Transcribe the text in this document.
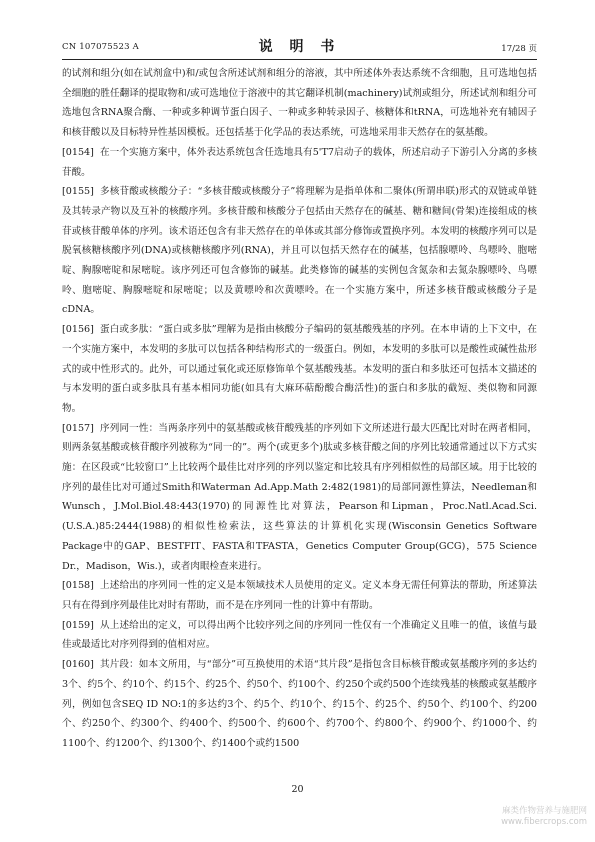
CN 107075523 A	说 明 书	17/28 页

的试剂和组分(如在试剂盒中)和/或包含所述试剂和组分的溶液，其中所述体外表达系统不含细胞，且可选地包括全细胞的胜任翻译的提取物和/或可选地位于溶液中的其它翻译机制(machinery)试剂或组分，所述试剂和组分可选地包含RNA聚合酶、一种或多种调节蛋白因子、一种或多种转录因子、核糖体和tRNA，可选地补充有辅因子和核苷酸以及目标特异性基因模板。还包括基于化学品的表达系统，可选地采用非天然存在的氨基酸。

[0154] 在一个实施方案中，体外表达系统包含任选地具有5'T7启动子的载体，所述启动子下游引入分离的多核苷酸。

[0155] 多核苷酸或核酸分子：“多核苷酸或核酸分子”将理解为是指单体和二聚体(所谓串联)形式的双链或单链及其转录产物以及互补的核酸序列。多核苷酸和核酸分子包括由天然存在的碱基、糖和糖间(骨架)连接组成的核苷或核苷酸单体的序列。该术语还包含有非天然存在的单体或其部分修饰或置换序列。本发明的核酸序列可以是脱氧核糖核酸序列(DNA)或核糖核酸序列(RNA)，并且可以包括天然存在的碱基，包括腺嘌呤、鸟嘌呤、胞嘧啶、胸腺嘧啶和尿嘧啶。该序列还可包含修饰的碱基。此类修饰的碱基的实例包含氮杂和去氮杂腺嘌呤、鸟嘌呤、胞嘧啶、胸腺嘧啶和尿嘧啶；以及黄嘌呤和次黄嘌呤。在一个实施方案中，所述多核苷酸或核酸分子是cDNA。

[0156] 蛋白或多肽：“蛋白或多肽”理解为是指由核酸分子编码的氨基酸残基的序列。在本申请的上下文中，在一个实施方案中，本发明的多肽可以包括各种结构形式的一级蛋白。例如，本发明的多肽可以是酸性或碱性盐形式的或中性形式的。此外，可以通过氧化或还原修饰单个氨基酸残基。本发明的蛋白和多肽还可包括本文描述的与本发明的蛋白或多肽具有基本相同功能(如具有大麻环萜酚酸合酶活性)的蛋白和多肽的截短、类似物和同源物。

[0157] 序列同一性：当两条序列中的氨基酸或核苷酸残基的序列如下文所述进行最大匹配比对时在两者相同，则两条氨基酸或核苷酸序列被称为“同一的”。两个(或更多个)肽或多核苷酸之间的序列比较通常通过以下方式实施：在区段或“比较窗口”上比较两个最佳比对序列的序列以鉴定和比较具有序列相似性的局部区域。用于比较的序列的最佳比对可通过Smith和Waterman Ad.App.Math 2:482(1981)的局部同源性算法，Needleman和Wunsch，J.Mol.Biol.48:443(1970)的同源性比对算法，Pearson和Lipman，Proc.Natl.Acad.Sci.(U.S.A.)85:2444(1988)的相似性检索法，这些算法的计算机化实现(Wisconsin Genetics Software Package中的GAP、BESTFIT、FASTA和TFASTA，Genetics Computer Group(GCG)，575 Science Dr.，Madison，Wis.)，或者肉眼检查来进行。

[0158] 上述给出的序列同一性的定义是本领域技术人员使用的定义。定义本身无需任何算法的帮助，所述算法只有在得到序列最佳比对时有帮助，而不是在序列同一性的计算中有帮助。

[0159] 从上述给出的定义，可以得出两个比较序列之间的序列同一性仅有一个准确定义且唯一的值，该值与最佳或最适比对序列得到的值相对应。

[0160] 其片段：如本文所用，与“部分”可互换使用的术语“其片段”是指包含目标核苷酸或氨基酸序列的多达约3个、约5个、约10个、约15个、约25个、约50个、约100个、约250个或约500个连续残基的核酸或氨基酸序列，例如包含SEQ ID NO:1的多达约3个、约5个、约10个、约15个、约25个、约50个、约100个、约200个、约250个、约300个、约400个、约500个、约600个、约700个、约800个、约900个、约1000个、约1100个、约1200个、约1300个、约1400个或约1500

20
麻类作物营养与施肥网
www.fibercrops.com
